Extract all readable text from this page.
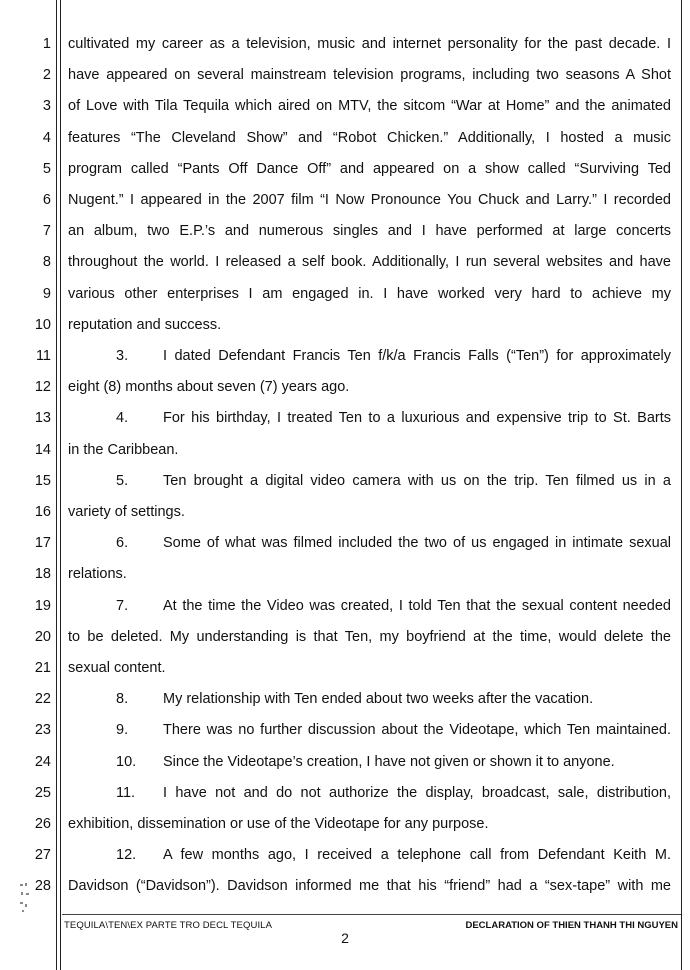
1 cultivated my career as a television, music and internet personality for the past decade. I
2 have appeared on several mainstream television programs, including two seasons A Shot
3 of Love with Tila Tequila which aired on MTV, the sitcom “War at Home” and the animated
4 features “The Cleveland Show” and “Robot Chicken.” Additionally, I hosted a music
5 program called “Pants Off Dance Off” and appeared on a show called “Surviving Ted
6 Nugent.” I appeared in the 2007 film “I Now Pronounce You Chuck and Larry.” I recorded
7 an album, two E.P.’s and numerous singles and I have performed at large concerts
8 throughout the world. I released a self book. Additionally, I run several websites and have
9 various other enterprises I am engaged in. I have worked very hard to achieve my
10 reputation and success.
11	3. I dated Defendant Francis Ten f/k/a Francis Falls (“Ten”) for approximately
12 eight (8) months about seven (7) years ago.
13	4. For his birthday, I treated Ten to a luxurious and expensive trip to St. Barts
14 in the Caribbean.
15	5. Ten brought a digital video camera with us on the trip. Ten filmed us in a
16 variety of settings.
17	6. Some of what was filmed included the two of us engaged in intimate sexual
18 relations.
19	7. At the time the Video was created, I told Ten that the sexual content needed
20 to be deleted. My understanding is that Ten, my boyfriend at the time, would delete the
21 sexual content.
22	8. My relationship with Ten ended about two weeks after the vacation.
23	9. There was no further discussion about the Videotape, which Ten maintained.
24	10. Since the Videotape’s creation, I have not given or shown it to anyone.
25	11. I have not and do not authorize the display, broadcast, sale, distribution,
26 exhibition, dissemination or use of the Videotape for any purpose.
27	12. A few months ago, I received a telephone call from Defendant Keith M.
28 Davidson (“Davidson”). Davidson informed me that his “friend” had a “sex-tape” with me
TEQUILA\TEN\EX PARTE TRO DECL TEQUILA	DECLARATION OF THIEN THANH THI NGUYEN
2
